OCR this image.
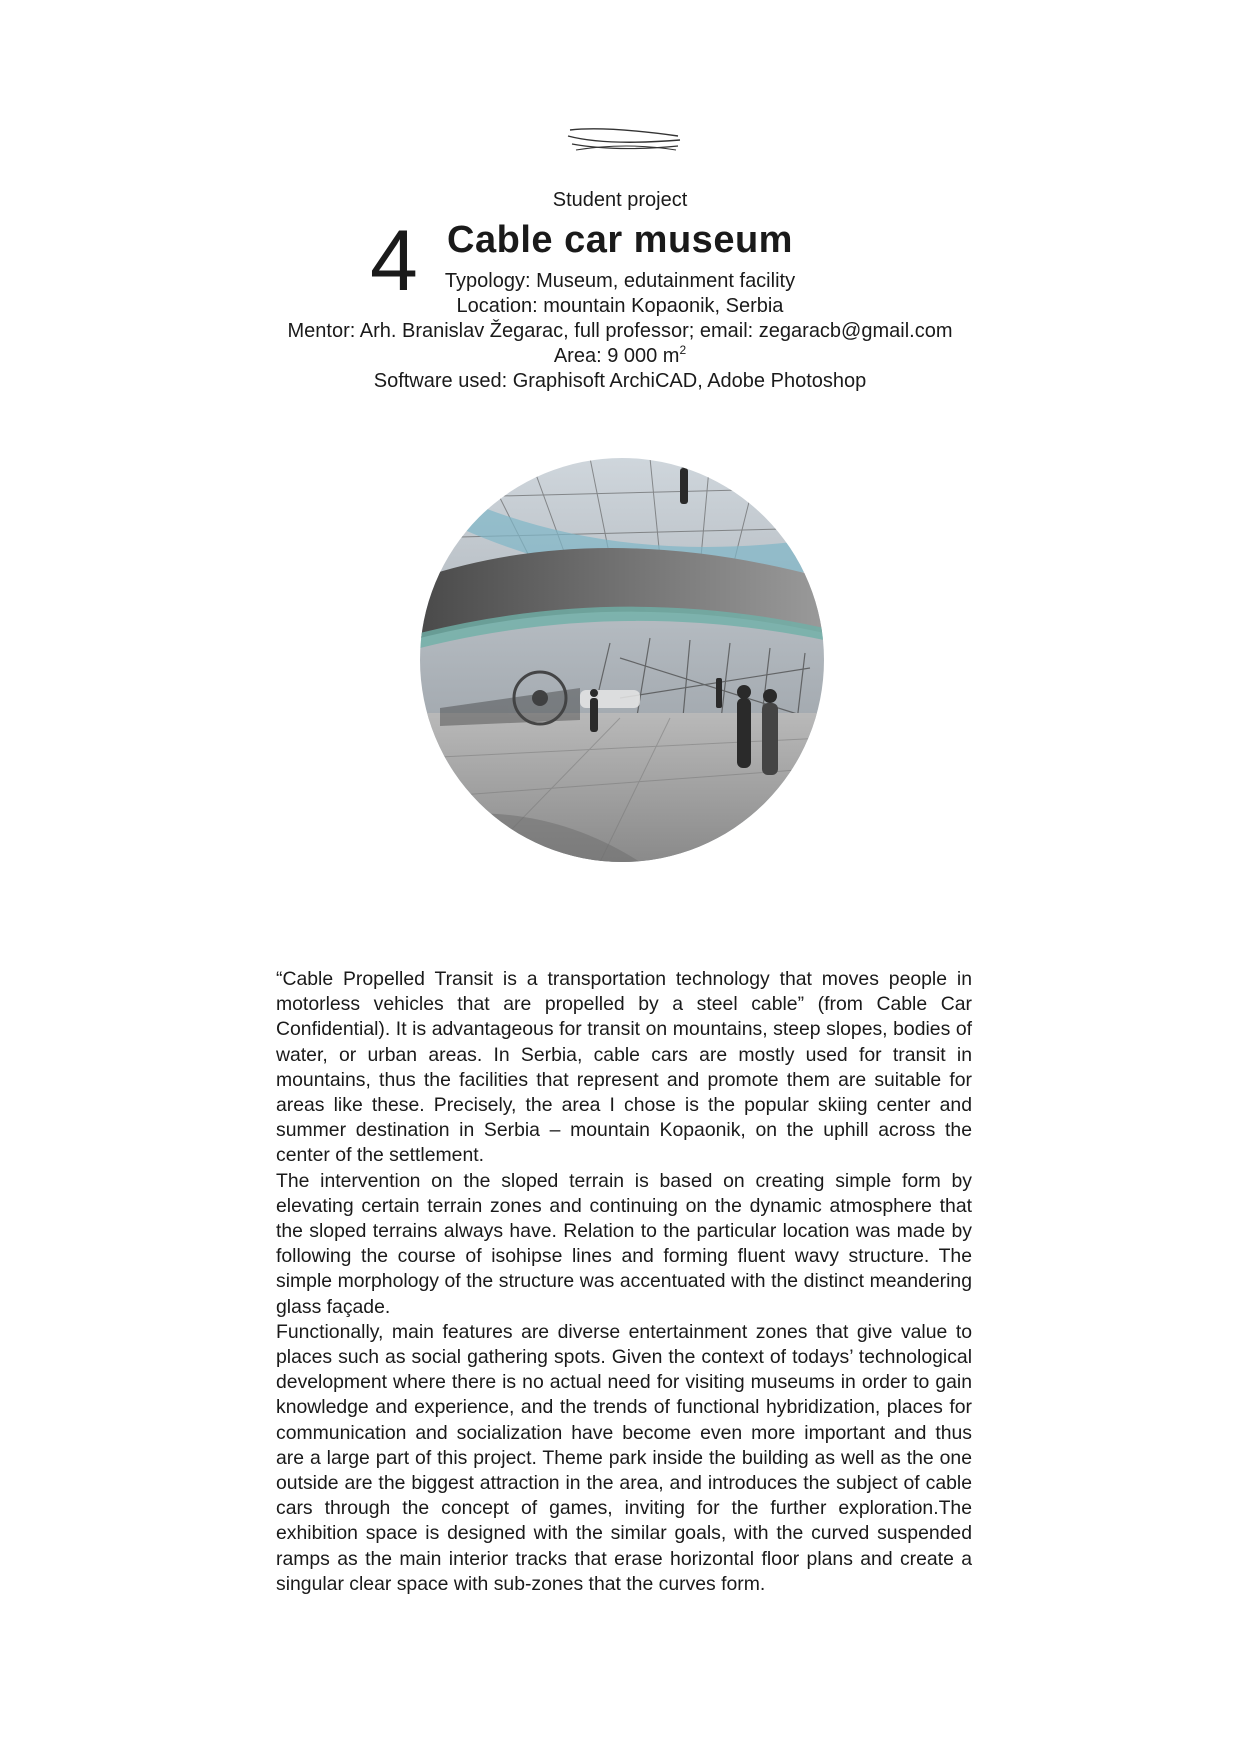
Student project
4 Cable car museum
Typology: Museum, edutainment facility
Location: mountain Kopaonik, Serbia
Mentor: Arh. Branislav Žegarac, full professor; email: zegaracb@gmail.com
Area: 9 000 $m^2$
Software used: Graphisoft ArchiCAD, Adobe Photoshop

“Cable Propelled Transit is a transportation technology that moves people in motorless vehicles that are propelled by a steel cable” (from Cable Car Confidential). It is advantageous for transit on mountains, steep slopes, bodies of water, or urban areas. In Serbia, cable cars are mostly used for transit in mountains, thus the facilities that represent and promote them are suitable for areas like these. Precisely, the area I chose is the popular skiing center and summer destination in Serbia – mountain Kopaonik, on the uphill across the center of the settlement.

The intervention on the sloped terrain is based on creating simple form by elevating certain terrain zones and continuing on the dynamic atmosphere that the sloped terrains always have. Relation to the particular location was made by following the course of isohipse lines and forming fluent wavy structure. The simple morphology of the structure was accentuated with the distinct meandering glass façade.

Functionally, main features are diverse entertainment zones that give value to places such as social gathering spots. Given the context of todays’ technological development where there is no actual need for visiting museums in order to gain knowledge and experience, and the trends of functional hybridization, places for communication and socialization have become even more important and thus are a large part of this project. Theme park inside the building as well as the one outside are the biggest attraction in the area, and introduces the subject of cable cars through the concept of games, inviting for the further exploration.The exhibition space is designed with the similar goals, with the curved suspended ramps as the main interior tracks that erase horizontal floor plans and create a singular clear space with sub-zones that the curves form.
